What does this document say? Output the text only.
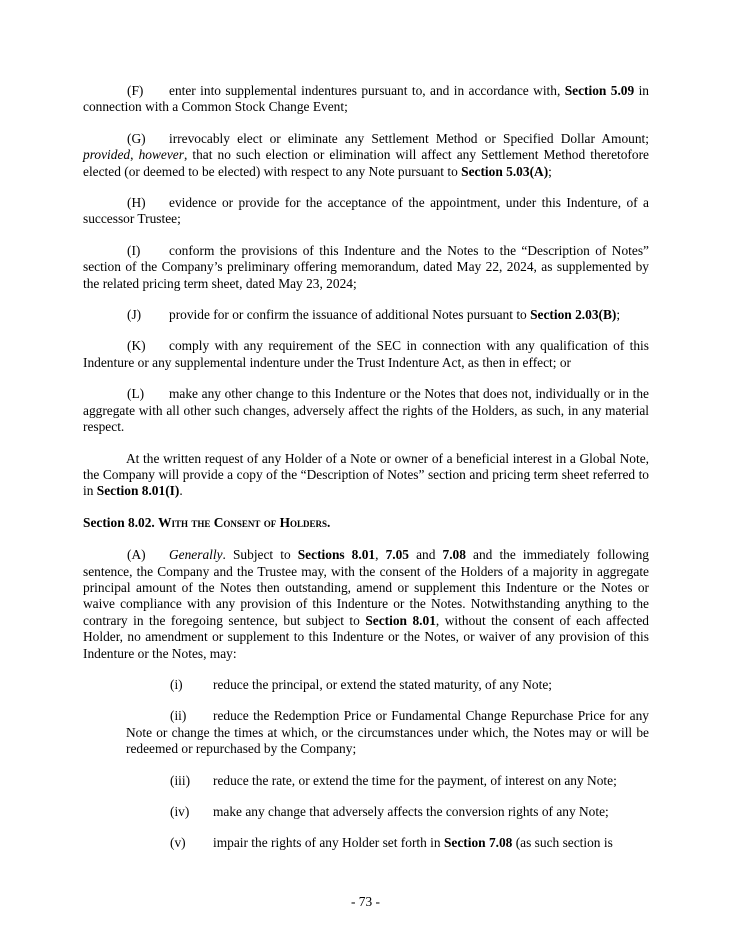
(F) enter into supplemental indentures pursuant to, and in accordance with, Section 5.09 in connection with a Common Stock Change Event;

(G) irrevocably elect or eliminate any Settlement Method or Specified Dollar Amount; provided, however, that no such election or elimination will affect any Settlement Method theretofore elected (or deemed to be elected) with respect to any Note pursuant to Section 5.03(A);

(H) evidence or provide for the acceptance of the appointment, under this Indenture, of a successor Trustee;

(I) conform the provisions of this Indenture and the Notes to the “Description of Notes” section of the Company’s preliminary offering memorandum, dated May 22, 2024, as supplemented by the related pricing term sheet, dated May 23, 2024;

(J) provide for or confirm the issuance of additional Notes pursuant to Section 2.03(B);

(K) comply with any requirement of the SEC in connection with any qualification of this Indenture or any supplemental indenture under the Trust Indenture Act, as then in effect; or

(L) make any other change to this Indenture or the Notes that does not, individually or in the aggregate with all other such changes, adversely affect the rights of the Holders, as such, in any material respect.

At the written request of any Holder of a Note or owner of a beneficial interest in a Global Note, the Company will provide a copy of the “Description of Notes” section and pricing term sheet referred to in Section 8.01(I).

Section 8.02. With the Consent of Holders.

(A) Generally. Subject to Sections 8.01, 7.05 and 7.08 and the immediately following sentence, the Company and the Trustee may, with the consent of the Holders of a majority in aggregate principal amount of the Notes then outstanding, amend or supplement this Indenture or the Notes or waive compliance with any provision of this Indenture or the Notes. Notwithstanding anything to the contrary in the foregoing sentence, but subject to Section 8.01, without the consent of each affected Holder, no amendment or supplement to this Indenture or the Notes, or waiver of any provision of this Indenture or the Notes, may:

(i) reduce the principal, or extend the stated maturity, of any Note;

(ii) reduce the Redemption Price or Fundamental Change Repurchase Price for any Note or change the times at which, or the circumstances under which, the Notes may or will be redeemed or repurchased by the Company;

(iii) reduce the rate, or extend the time for the payment, of interest on any Note;

(iv) make any change that adversely affects the conversion rights of any Note;

(v) impair the rights of any Holder set forth in Section 7.08 (as such section is

- 73 -
